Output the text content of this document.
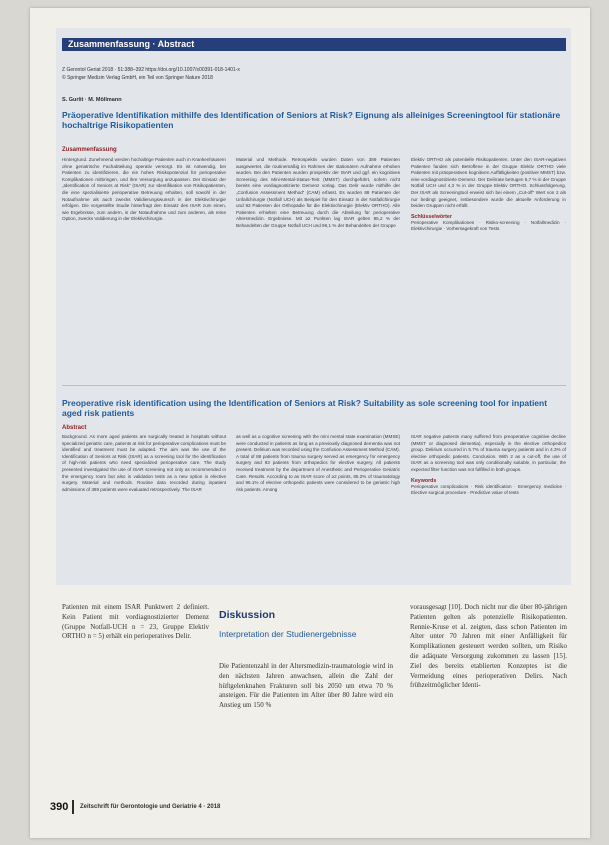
Zusammenfassung · Abstract
Z Gerontol Geriat 2018 · 51:388–392 https://doi.org/10.1007/s00391-018-1401-x
© Springer Medizin Verlag GmbH, ein Teil von Springer Nature 2018
S. Gurlit · M. Möllmann
Präoperative Identifikation mithilfe des Identification of Seniors at Risk? Eignung als alleiniges Screeningtool für stationäre hochaltrige Risikopatienten
Zusammenfassung
Hintergrund. Zunehmend werden hochaltrige Patienten auch in Krankenhäusern ohne geriatrische Fachabteilung operativ versorgt. Es ist notwendig, bei Patienten zu identifizieren, die ein hohes Risikopotenzial für perioperative Komplikationen mitbringen, und ihre Versorgung anzupassen. Der Einsatz der „Identification of Seniors at Risk“ (ISAR) zur Identifikation von Risikopatienten, die eine spezialisierte perioperative Betreuung erhalten, soll sowohl in der Notaufnahme als auch zwecks Validierungswunsch in der Elektivchirurgie erfolgen. Die vorgestellte Studie hinterfragt den Einsatz des ISAR zum einen, wie Ergebnisse, zum andern, in der Notaufnahme und zum anderen, als reine Option, zwecks Validierung in der Elektivchirurgie.
Material und Methode. Retrospektiv wurden Daten von 389 Patienten ausgewertet, die routinemäßig im Rahmen der stationären Aufnahme erhoben wurden. Bei den Patienten wurden prospektiv der ISAR und ggf. ein kognitives Screening des Mini-Mental-Status-Test (MMST) durchgeführt, sofern nicht bereits eine vordiagnostizierte Demenz vorlag. Das Delir wurde mithilfe der „Confusion Assessment Method“ (CAM) erfasst. Es wurden 88 Patienten der Unfallchirurgie (Notfall UCH) als Beispiel für den Einsatz in der Notfallchirurgie und 93 Patienten der Orthopädie für die Elektivchirurgie (Elektiv ORTHO). Alle Patienten erhielten eine Betreuung durch die Abteilung für perioperative Altersmedizin. Ergebnisse. Mit ≥2 Punkten lag ISAR gelten 85,2 % der Behandelten der Gruppe Notfall UCH und 96,1 % der Behandelten der Gruppe
Elektiv ORTHO als potentielle Risikopatienten. Unter den ISAR-negativen Patienten fanden sich Betroffene in der Gruppe Elektiv ORTHO viele Patienten mit präoperativen kognitiven Auffälligkeiten (positiver MMST) bzw. eine vordiagnostizierte Demenz. Der Delirrate betrugen 5,7 % in der Gruppe Notfall UCH und 4,3 % in der Gruppe Elektiv ORTHO. Schlussfolgerung. Der ISAR als Screeningtool erweist sich bei einem „Cut-off“ Wert von 2 als nur bedingt geeignet, insbesondere wurde die aktuelle Anforderung in beiden Gruppen nicht erfüllt.
Schlüsselwörter
Perioperative Komplikationen · Risiko-screening · Notfallmedizin · Elektivchirurgie · Vorhersagekraft von Tests
Preoperative risk identification using the Identification of Seniors at Risk? Suitability as sole screening tool for inpatient aged risk patients
Abstract
Background. As more aged patients are surgically treated in hospitals without specialized geriatric care, patients at risk for perioperative complications must be identified and treatment must be adapted. The aim was the use of the Identification of Seniors at Risk (ISAR) as a screening tool for the identification of high-risk patients who need specialized perioperative care. The study presented investigated the use of ISAR screening not only as recommended in the emergency room but also in validation tests as a new option in elective surgery. Material and methods. Routine data recorded during inpatient admissions of 389 patients were evaluated retrospectively. The ISAR
as well as a cognitive screening with the mini mental state examination (MMSE) were conducted in patients as long as a previously diagnosed dementia was not present. Delirium was recorded using the Confusion Assessment Method (CAM). A total of 88 patients from trauma surgery served as emergency for emergency surgery and 93 patients from orthopedics for elective surgery. All patients received treatment by the department of Anesthetic and Perioperative Geriatric Care. Results. According to an ISAR score of ≥2 points, 85.2% of traumatology and 96.1% of elective orthopedic patients were considered to be geriatric high risk patients. Among
ISAR negative patients many suffered from preoperative cognitive decline (MMST or diagnosed dementia), especially in the elective orthopedics group. Delirium occurred in 5.7% of trauma surgery patients and in 4.3% of elective orthopedic patients. Conclusion. With 2 as a cut-off, the use of ISAR as a screening tool was only conditionally suitable, in particular, the expected filter function was not fulfilled in both groups.
Keywords
Perioperative complications · Risk identification · Emergency medicine · Elective surgical procedure · Predictive value of tests
Patienten mit einem ISAR Punktwert 2 definiert. Kein Patient mit vordiagnostizierter Demenz (Gruppe Notfall-UCH n = 23, Gruppe Elektiv ORTHO n = 5) erhält ein perioperatives Delir.
Diskussion
Interpretation der Studienergebnisse
Die Patientenzahl in der Altersmedizin-traumatologie wird in den nächsten Jahren anwachsen, allein die Zahl der hüftgelenknahen Frakturen soll bis 2050 um etwa 70 % ansteigen. Für die Patienten im Alter über 80 Jahre wird ein Anstieg um 150 %
vorausgesagt [10]. Doch nicht nur die über 80-jährigen Patienten gelten als potenzielle Risikopatienten. Rennie-Kruse et al. zeigten, dass schon Patienten im Alter unter 70 Jahren mit einer Anfälligkeit für Komplikationen gesteuert werden sollten, um Risiko die adäquate Versorgung zukommen zu lassen [15]. Ziel des bereits etablierten Konzeptes ist die Vermeidung eines perioperativen Delirs. Nach frühzeitmöglicher Identi-
390 Zeitschrift für Gerontologie und Geriatrie 4 · 2018
